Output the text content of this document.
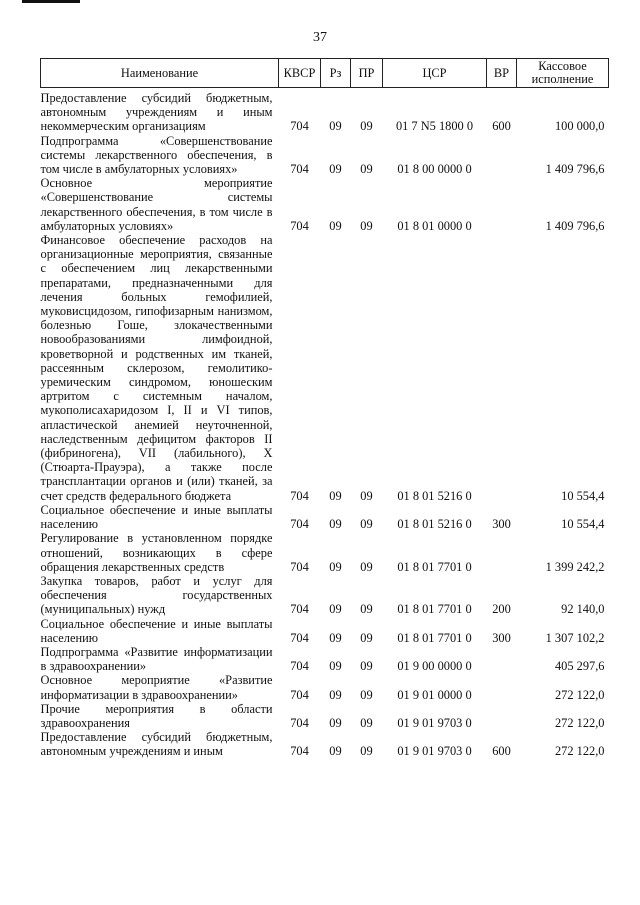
37
Наименование	КВСР	Рз	ПР	ЦСР	ВР	Кассовое исполнение

Предоставление субсидий бюджетным, автономным учреждениям и иным некоммерческим организациям	704	09	09	01 7 N5 1800 0	600	100 000,0
Подпрограмма «Совершенствование системы лекарственного обеспечения, в том числе в амбулаторных условиях»	704	09	09	01 8 00 0000 0		1 409 796,6
Основное мероприятие «Совершенствование системы лекарственного обеспечения, в том числе в амбулаторных условиях»	704	09	09	01 8 01 0000 0		1 409 796,6
Финансовое обеспечение расходов на организационные мероприятия, связанные с обеспечением лиц лекарственными препаратами, предназначенными для лечения больных гемофилией, муковисцидозом, гипофизарным нанизмом, болезнью Гоше, злокачественными новообразованиями лимфоидной, кроветворной и родственных им тканей, рассеянным склерозом, гемолитико-уремическим синдромом, юношеским артритом с системным началом, мукополисахаридозом I, II и VI типов, апластической анемией неуточненной, наследственным дефицитом факторов II (фибриногена), VII (лабильного), X (Стюарта-Прауэра), а также после трансплантации органов и (или) тканей, за счет средств федерального бюджета	704	09	09	01 8 01 5216 0		10 554,4
Социальное обеспечение и иные выплаты населению	704	09	09	01 8 01 5216 0	300	10 554,4
Регулирование в установленном порядке отношений, возникающих в сфере обращения лекарственных средств	704	09	09	01 8 01 7701 0		1 399 242,2
Закупка товаров, работ и услуг для обеспечения государственных (муниципальных) нужд	704	09	09	01 8 01 7701 0	200	92 140,0
Социальное обеспечение и иные выплаты населению	704	09	09	01 8 01 7701 0	300	1 307 102,2
Подпрограмма «Развитие информатизации в здравоохранении»	704	09	09	01 9 00 0000 0		405 297,6
Основное мероприятие «Развитие информатизации в здравоохранении»	704	09	09	01 9 01 0000 0		272 122,0
Прочие мероприятия в области здравоохранения	704	09	09	01 9 01 9703 0		272 122,0
Предоставление субсидий бюджетным, автономным учреждениям и иным	704	09	09	01 9 01 9703 0	600	272 122,0
